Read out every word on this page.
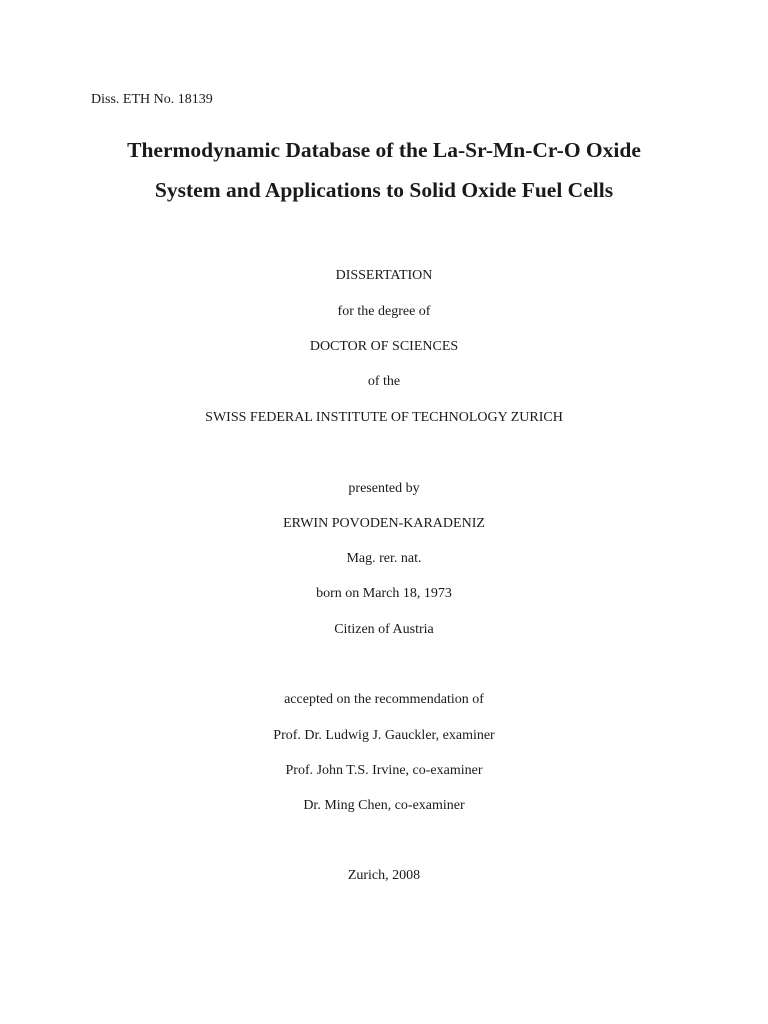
Diss. ETH No. 18139
Thermodynamic Database of the La-Sr-Mn-Cr-O Oxide
System and Applications to Solid Oxide Fuel Cells
DISSERTATION
for the degree of
DOCTOR OF SCIENCES
of the
SWISS FEDERAL INSTITUTE OF TECHNOLOGY ZURICH
presented by
ERWIN POVODEN-KARADENIZ
Mag. rer. nat.
born on March 18, 1973
Citizen of Austria
accepted on the recommendation of
Prof. Dr. Ludwig J. Gauckler, examiner
Prof. John T.S. Irvine, co-examiner
Dr. Ming Chen, co-examiner
Zurich, 2008
